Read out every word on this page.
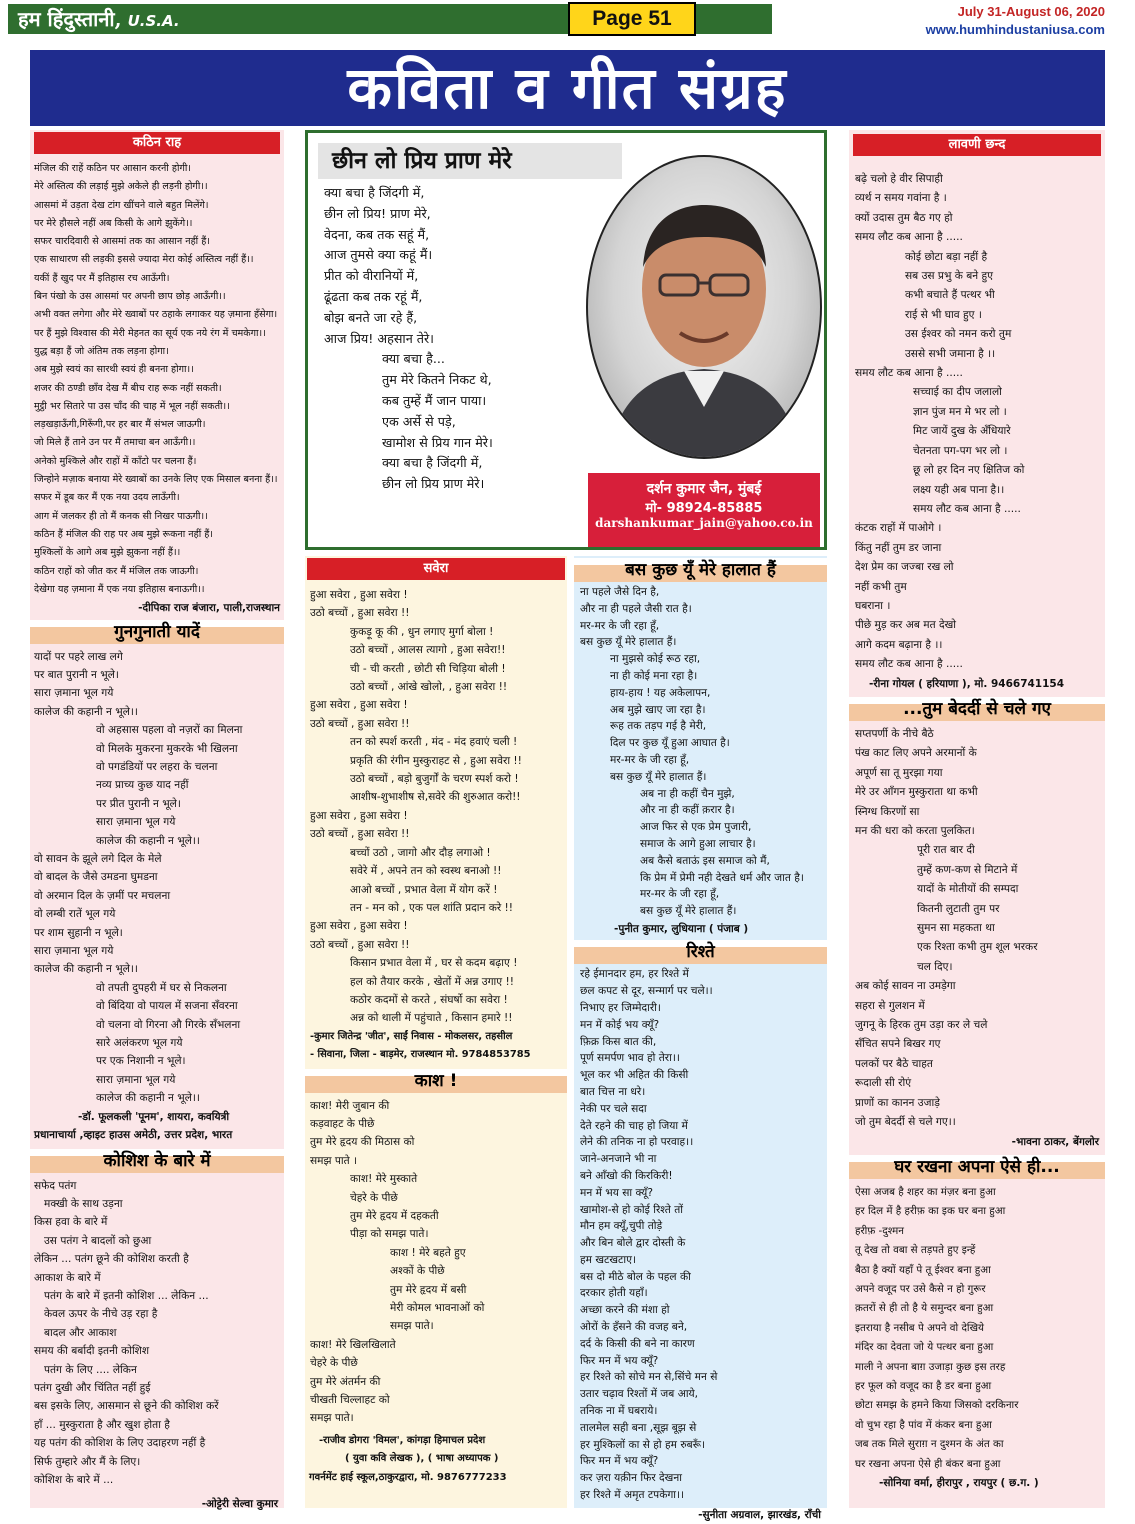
हम हिंदुस्तानी, U.S.A.	Page 51	July 31-August 06, 2020
www.humhindustaniusa.com
कविता व गीत संग्रह
कठिन राह

मंजिल की राहें कठिन पर आसान करनी होगी।

मेरे अस्तित्व की लड़ाई मुझे अकेले ही लड़नी होगी।।

आसमां में उड़ता देख टांग खींचने वाले बहुत मिलेंगे।

पर मेरे हौसले नहीं अब किसी के आगे झुकेंगे।।

सफर चारदिवारी से आसमां तक का आसान नहीं हैं।

एक साधारण सी लड़की इससे ज्यादा मेरा कोई अस्तित्व नहीं हैं।।

यकीं हैं खुद पर मैं इतिहास रच आऊँगी।

बिन पंखो के उस आसमां पर अपनी छाप छोड़ आऊँगी।।

अभी वक्त लगेगा और मेरे ख्वाबों पर ठहाके लगाकर यह ज़माना हँसेगा।

पर हैं मुझे विश्वास की मेरी मेहनत का सूर्य एक नये रंग में चमकेगा।।

युद्ध बड़ा हैं जो अंतिम तक लड़ना होगा।

अब मुझे स्वयं का सारथी स्वयं ही बनना होगा।।

शजर की ठण्डी छाँव देख मैं बीच राह रूक नहीं सकती।

मुट्ठी भर सितारे पा उस चाँद की चाह में भूल नहीं सकती।।

लड़खड़ाऊँगी,गिरूँगी,पर हर बार मैं संभल जाऊगी।

जो मिले हैं ताने उन पर मैं तमाचा बन आऊँगी।।

अनेको मुश्किले और राहों में काँटो पर चलना हैं।

जिन्होने मज़ाक बनाया मेरे ख्वाबों का उनके लिए एक मिसाल बनना हैं।।

सफर में डूब कर मैं एक नया उदय लाऊँगी।

आग में जलकर ही तो मैं कनक सी निखर पाऊगी।।

कठिन हैं मंजिल की राह पर अब मुझे रूकना नहीं हैं।

मुश्किलों के आगे अब मुझे झुकना नहीं हैं।।

कठिन राहों को जीत कर मैं मंजिल तक जाऊगी।

देखेगा यह ज़माना मैं एक नया इतिहास बनाऊगी।।

-दीपिका राज बंजारा, पाली,राजस्थान

गुनगुनाती यादें

यादों पर पहरे लाख लगे

पर बात पुरानी न भूले।

सारा ज़माना भूल गये

कालेज की कहानी न भूले।।

वो अहसास पहला वो नज़रों का मिलना

वो मिलके मुकरना मुकरके भी खिलना

वो पगडंडियों पर लहरा के चलना

नव्य प्राच्य कुछ याद नहीं

पर प्रीत पुरानी न भूले।

सारा ज़माना भूल गये

कालेज की कहानी न भूले।।

वो सावन के झूले लगे दिल के मेले

वो बादल के जैसे उमडना घुमडना

वो अरमान दिल के ज़मीं पर मचलना

वो लम्बी रातें भूल गये

पर शाम सुहानी न भूले।

सारा ज़माना भूल गये

कालेज की कहानी न भूले।।

वो तपती दुपहरी में घर से निकलना

वो बिंदिया वो पायल में सजना सँवरना

वो चलना वो गिरना औ गिरके सँभलना

सारे अलंकरण भूल गये

पर एक निशानी न भूले।

सारा ज़माना भूल गये

कालेज की कहानी न भूले।।

-डॉ. फूलकली 'पूनम', शायरा, कवयित्री

प्रधानाचार्या ,व्हाइट हाउस अमेठी, उत्तर प्रदेश, भारत

कोशिश के बारे में

सफेद पतंग

मक्खी के साथ उड़ना

किस हवा के बारे में

उस पतंग ने बादलों को छुआ

लेकिन ... पतंग छूने की कोशिश करती है

आकाश के बारे में

पतंग के बारे में इतनी कोशिश ... लेकिन ...

केवल ऊपर के नीचे उड़ रहा है

बादल और आकाश

समय की बर्बादी इतनी कोशिश

पतंग के लिए .... लेकिन

पतंग दुखी और चिंतित नहीं हुई

बस इसके लिए, आसमान से छूने की कोशिश करें

हाँ ... मुस्कुराता है और खुश होता है

यह पतंग की कोशिश के लिए उदाहरण नहीं है

सिर्फ तुम्हारे और मैं के लिए।

कोशिश के बारे में ...

-ओट्टेरी सेल्वा कुमार

छीन लो प्रिय प्राण मेरे

क्या बचा है जिंदगी में,

छीन लो प्रिय! प्राण मेरे,

वेदना, कब तक सहूं मैं,

आज तुमसे क्या कहूं मैं।

प्रीत को वीरानियों में,

ढूंढता कब तक रहूं मैं,

बोझ बनते जा रहे हैं,

आज प्रिय! अहसान तेरे।

क्या बचा है...

तुम मेरे कितने निकट थे,

कब तुम्हें मैं जान पाया।

एक अर्से से पड़े,

खामोश से प्रिय गान मेरे।

क्या बचा है जिंदगी में,

छीन लो प्रिय प्राण मेरे।	दर्शन कुमार जैन, मुंबई
मो- 98924-85885
darshankumar_jain@yahoo.co.in
सवेरा

हुआ सवेरा , हुआ सवेरा !

उठो बच्चों , हुआ सवेरा !!

कुकड़ू कू की , धुन लगाए मुर्गा बोला !

उठो बच्चों , आलस त्यागो , हुआ सवेरा!!

ची - ची करती , छोटी सी चिड़िया बोली !

उठो बच्चों , आंखे खोलो, , हुआ सवेरा !!

हुआ सवेरा , हुआ सवेरा !

उठो बच्चों , हुआ सवेरा !!

तन को स्पर्श करती , मंद - मंद हवाएं चली !

प्रकृति की रंगीन मुस्कुराहट से , हुआ सवेरा !!

उठो बच्चों , बड़ो बुजुर्गों के चरण स्पर्श करो !

आशीष-शुभाशीष से,सवेरे की शुरुआत करो!!

हुआ सवेरा , हुआ सवेरा !

उठो बच्चों , हुआ सवेरा !!

बच्चों उठो , जागो और दौड़ लगाओ !

सवेरे में , अपने तन को स्वस्थ बनाओ !!

आओ बच्चों , प्रभात वेला में योग करें !

तन - मन को , एक पल शांति प्रदान करे !!

हुआ सवेरा , हुआ सवेरा !

उठो बच्चों , हुआ सवेरा !!

किसान प्रभात वेला में , घर से कदम बढ़ाए !

हल को तैयार करके , खेतों में अन्न उगाए !!

कठोर कदमों से करते , संघर्षो का सवेरा !

अन्न को थाली में पहुंचाते , किसान हमारे !!

-कुमार जितेन्द्र 'जीत', साईं निवास - मोकलसर, तहसील

- सिवाना, जिला - बाड़मेर, राजस्थान मो. 9784853785

काश !

काश! मेरी जुबान की

कड़वाहट के पीछे

तुम मेरे हृदय की मिठास को

समझ पाते ।

काश! मेरे मुस्काते

चेहरे के पीछे

तुम मेरे हृदय में दहकती

पीड़ा को समझ पाते।

काश ! मेरे बहते हुए

अश्कों के पीछे

तुम मेरे हृदय में बसी

मेरी कोमल भावनाओं को

समझ पाते।

काश! मेरे खिलखिलाते

चेहरे के पीछे

तुम मेरे अंतर्मन की

चीखती चिल्लाहट को

समझ पाते।

-राजीव डोगरा 'विमल', कांगड़ा हिमाचल प्रदेश

( युवा कवि लेखक ), ( भाषा अध्यापक )

गवर्नमेंट हाई स्कूल,ठाकुरद्वारा, मो. 9876777233

बस कुछ यूँ मेरे हालात हैं

ना पहले जैसे दिन है,

और ना ही पहले जैसी रात है।

मर-मर के जी रहा हूँ,

बस कुछ यूँ मेरे हालात हैं।

ना मुझसे कोई रूठ रहा,

ना ही कोई मना रहा है।

हाय-हाय ! यह अकेलापन,

अब मुझे खाए जा रहा है।

रूह तक तड़प गई है मेरी,

दिल पर कुछ यूँ हुआ आघात है।

मर-मर के जी रहा हूँ,

बस कुछ यूँ मेरे हालात हैं।

अब ना ही कहीं चैन मुझे,

और ना ही कहीं क़रार है।

आज फिर से एक प्रेम पुजारी,

समाज के आगे हुआ लाचार है।

अब कैसे बताऊं इस समाज को मैं,

कि प्रेम में प्रेमी नही देखते धर्म और जात है।

मर-मर के जी रहा हूँ,

बस कुछ यूँ मेरे हालात हैं।

-पुनीत कुमार, लुधियाना ( पंजाब )

रिश्ते

रहे ईमानदार हम, हर रिश्ते में

छल कपट से दूर, सन्मार्ग पर चले।।

निभाए हर जिम्मेदारी।

मन में कोई भय क्यूँ?

फ़िक्र किस बात की,

पूर्ण समर्पण भाव हो तेरा।।

भूल कर भी अहित की किसी

बात चित्त ना धरे।

नेकी पर चले सदा

देते रहने की चाह हो जिया में

लेने की तनिक ना हो परवाह।।

जाने-अनजाने भी ना

बने आँखो की किरकिरी!

मन में भय सा क्यूँ?

खामोश-से हो कोई रिश्ते तों

मौन हम क्यूँ,चुपी तोड़े

और बिन बोले द्वार दोस्ती के

हम खटखटाए।

बस दो मीठे बोल के पहल की

दरकार होती यहाँ।

अच्छा करने की मंशा हो

ओरों के हँसने की वजह बने,

दर्द के किसी की बने ना कारण

फिर मन में भय क्यूँ?

हर रिश्ते को सोचे मन से,सिंचे मन से

उतार चढ़ाव रिश्तों में जब आये,

तनिक ना में घबराये।

तालमेल सही बना ,सूझ बूझ से

हर मुश्किलों का से हो हम रुबरूँ।

फिर मन में भय क्यूँ?

कर ज़रा यक़ीन फिर देखना

हर रिश्ते में अमृत टपकेगा।।

-सुनीता अग्रवाल, झारखंड, राँची

लावणी छन्द

बढ़े चलो हे वीर सिपाही

व्यर्थ न समय गवांना है ।

क्यों उदास तुम बैठ गए हो

समय लौट कब आना है .....

कोई छोटा बड़ा नहीं है

सब उस प्रभु के बने हुए

कभी बचाते हैं पत्थर भी

राई से भी घाव हुए ।

उस ईश्वर को नमन करो तुम

उससे सभी जमाना है ।।

समय लौट कब आना है .....

सच्चाई का दीप जलालो

ज्ञान पुंज मन मे भर लो ।

मिट जायें दुख के अँधियारे

चेतनता पग-पग भर लो ।

छू लो हर दिन नए क्षितिज को

लक्ष्य यही अब पाना है।।

समय लौट कब आना है .....

कंटक राहों में पाओगे ।

किंतु नहीं तुम डर जाना

देश प्रेम का जज्बा रख लो

नहीं कभी तुम

घबराना ।

पीछे मुड़ कर अब मत देखो

आगे कदम बढ़ाना है ।।

समय लौट कब आना है .....

-रीना गोयल ( हरियाणा ), मो. 9466741154

...तुम बेदर्दी से चले गए

सप्तपर्णी के नीचे बैठे

पंख काट लिए अपने अरमानों के

अपूर्ण सा तू मुरझा गया

मेरे उर आँगन मुस्कुराता था कभी

स्निग्ध किरणों सा

मन की धरा को करता पुलकित।

पूरी रात बार दी

तुम्हें कण-कण से मिटाने में

यादों के मोतीयों की सम्पदा

कितनी लुटाती तुम पर

सुमन सा महकता था

एक रिश्ता कभी तुम शूल भरकर

चल दिए।

अब कोई सावन ना उमड़ेगा

सहरा से गुलशन में

जुगनू के हिरक तुम उड़ा कर ले चले

सँचित सपने बिखर गए

पलकों पर बैठे चाहत

रूदाली सी रोएं

प्राणों का कानन उजाड़े

जो तुम बेदर्दी से चले गए।।

-भावना ठाकर, बेंगलोर

घर रखना अपना ऐसे ही...

ऐसा अजब है शहर का मंज़र बना हुआ

हर दिल में है हरीफ़ का इक घर बना हुआ

हरीफ़ -दुश्मन

तू देख तो वबा से तड़पते हुए इन्हें

बैठा है क्यों यहाँ पे तू ईश्वर बना हुआ

अपने वजूद पर उसे कैसे न हो गुरूर

क़तरों से ही तो है ये समुन्दर बना हुआ

इतराया है नसीब पे अपने वो देखिये

मंदिर का देवता जो ये पत्थर बना हुआ

माली ने अपना बाग़ उजाड़ा कुछ इस तरह

हर फूल को वजूद का है डर बना हुआ

छोटा समझ के हमने किया जिसको दरकिनार

वो चुभ रहा है पांव में कंकर बना हुआ

जब तक मिले सुराग़ न दुश्मन के अंत का

घर रखना अपना ऐसे ही बंकर बना हुआ

-सोनिया वर्मा, हीरापुर , रायपुर ( छ.ग. )
